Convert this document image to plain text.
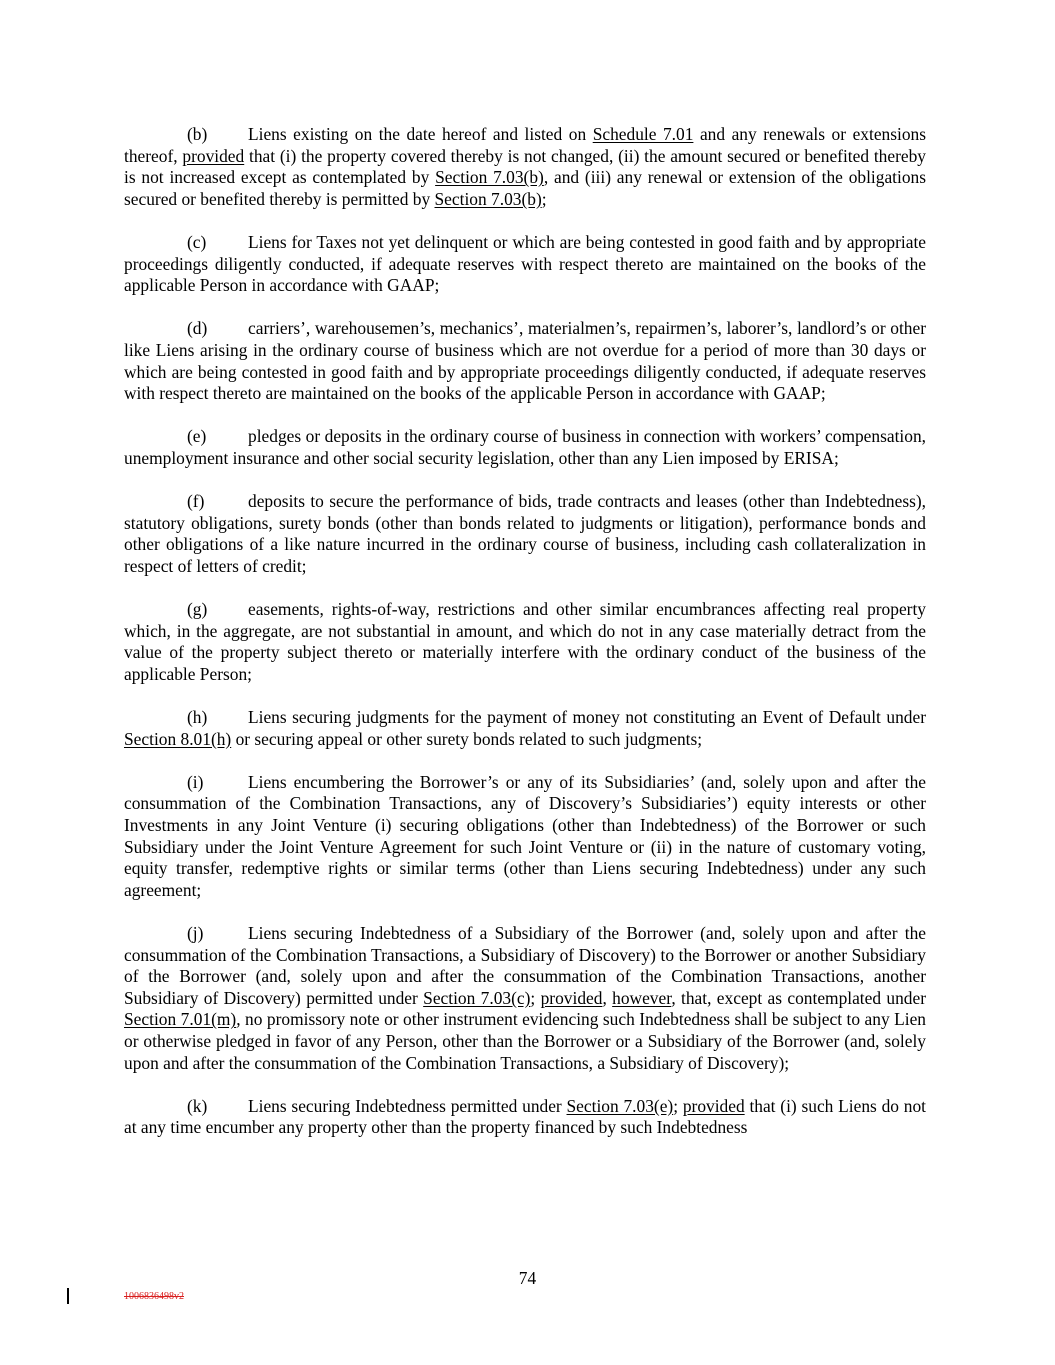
(b) Liens existing on the date hereof and listed on Schedule 7.01 and any renewals or extensions thereof, provided that (i) the property covered thereby is not changed, (ii) the amount secured or benefited thereby is not increased except as contemplated by Section 7.03(b), and (iii) any renewal or extension of the obligations secured or benefited thereby is permitted by Section 7.03(b);

(c) Liens for Taxes not yet delinquent or which are being contested in good faith and by appropriate proceedings diligently conducted, if adequate reserves with respect thereto are maintained on the books of the applicable Person in accordance with GAAP;

(d) carriers’, warehousemen’s, mechanics’, materialmen’s, repairmen’s, laborer’s, landlord’s or other like Liens arising in the ordinary course of business which are not overdue for a period of more than 30 days or which are being contested in good faith and by appropriate proceedings diligently conducted, if adequate reserves with respect thereto are maintained on the books of the applicable Person in accordance with GAAP;

(e) pledges or deposits in the ordinary course of business in connection with workers’ compensation, unemployment insurance and other social security legislation, other than any Lien imposed by ERISA;

(f)	deposits to secure the performance of bids, trade contracts and leases (other than Indebtedness), statutory obligations, surety bonds (other than bonds related to judgments or litigation), performance bonds and other obligations of a like nature incurred in the ordinary course of business, including cash collateralization in respect of letters of credit;

(g) easements, rights-of-way, restrictions and other similar encumbrances affecting real property which, in the aggregate, are not substantial in amount, and which do not in any case materially detract from the value of the property subject thereto or materially interfere with the ordinary conduct of the business of the applicable Person;

(h) Liens securing judgments for the payment of money not constituting an Event of Default under Section 8.01(h) or securing appeal or other surety bonds related to such judgments;

(i)	Liens encumbering the Borrower’s or any of its Subsidiaries’ (and, solely upon and after the consummation of the Combination Transactions, any of Discovery’s Subsidiaries’) equity interests or other Investments in any Joint Venture (i) securing obligations (other than Indebtedness) of the Borrower or such Subsidiary under the Joint Venture Agreement for such Joint Venture or (ii) in the nature of customary voting, equity transfer, redemptive rights or similar terms (other than Liens securing Indebtedness) under any such agreement;

(j)	Liens securing Indebtedness of a Subsidiary of the Borrower (and, solely upon and after the consummation of the Combination Transactions, a Subsidiary of Discovery) to the Borrower or another Subsidiary of the Borrower (and, solely upon and after the consummation of the Combination Transactions, another Subsidiary of Discovery) permitted under Section 7.03(c); provided, however, that, except as contemplated under Section 7.01(m), no promissory note or other instrument evidencing such Indebtedness shall be subject to any Lien or otherwise pledged in favor of any Person, other than the Borrower or a Subsidiary of the Borrower (and, solely upon and after the consummation of the Combination Transactions, a Subsidiary of Discovery);

(k) Liens securing Indebtedness permitted under Section 7.03(e); provided that (i) such Liens do not at any time encumber any property other than the property financed by such Indebtedness

74
1006836498v2
